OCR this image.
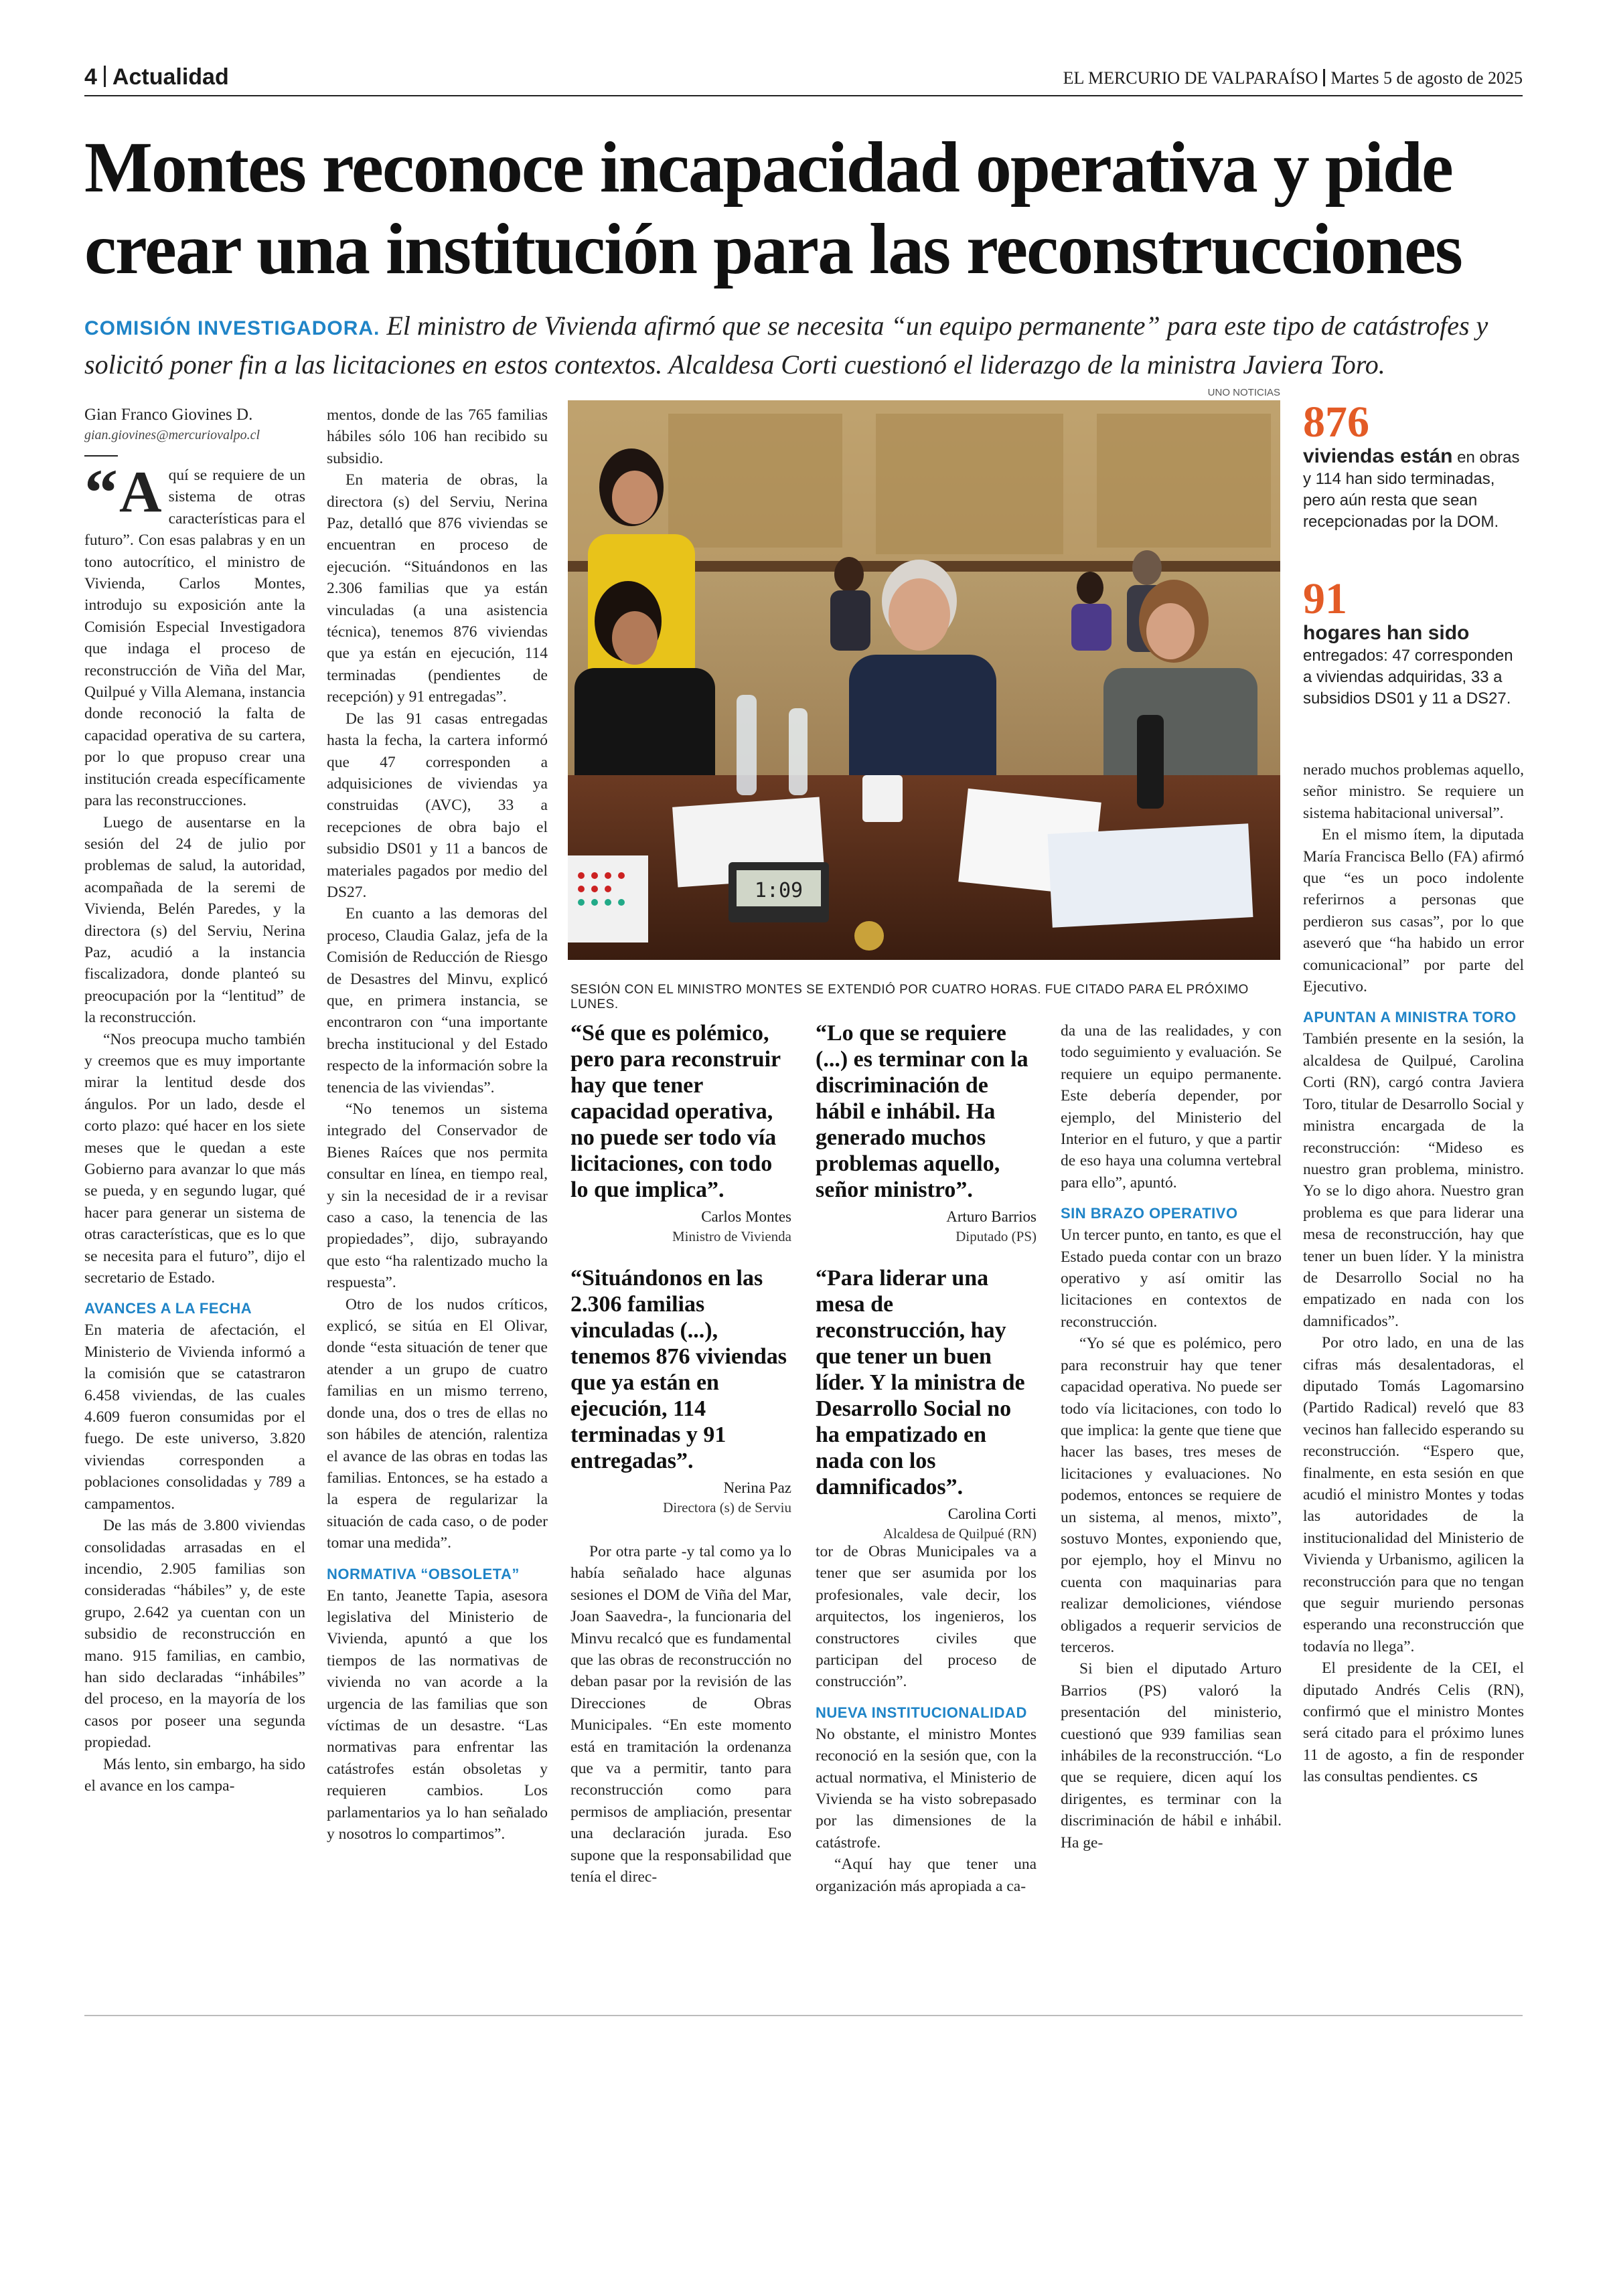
4 Actualidad	EL MERCURIO DE VALPARAÍSO Martes 5 de agosto de 2025
Montes reconoce incapacidad operativa y pide
crear una institución para las reconstrucciones
COMISIÓN INVESTIGADORA. El ministro de Vivienda afirmó que se necesita “un equipo permanente” para este tipo de catástrofes y solicitó poner fin a las licitaciones en estos contextos. Alcaldesa Corti cuestionó el liderazgo de la ministra Javiera Toro.
Gian Franco Giovines D.
gian.giovines@mercuriovalpo.cl

“A quí se requiere de un sistema de otras características para el futuro”. Con esas palabras y en un tono autocrítico, el ministro de Vivienda, Carlos Montes, introdujo su exposición ante la Comisión Especial Investigadora que indaga el proceso de reconstrucción de Viña del Mar, Quilpué y Villa Alemana, instancia donde reconoció la falta de capacidad operativa de su cartera, por lo que propuso crear una institución creada específicamente para las reconstrucciones.

Luego de ausentarse en la sesión del 24 de julio por problemas de salud, la autoridad, acompañada de la seremi de Vivienda, Belén Paredes, y la directora (s) del Serviu, Nerina Paz, acudió a la instancia fiscalizadora, donde planteó su preocupación por la “lentitud” de la reconstrucción.

“Nos preocupa mucho también y creemos que es muy importante mirar la lentitud desde dos ángulos. Por un lado, desde el corto plazo: qué hacer en los siete meses que le quedan a este Gobierno para avanzar lo que más se pueda, y en segundo lugar, qué hacer para generar un sistema de otras características, que es lo que se necesita para el futuro”, dijo el secretario de Estado.

AVANCES A LA FECHA

En materia de afectación, el Ministerio de Vivienda informó a la comisión que se catastraron 6.458 viviendas, de las cuales 4.609 fueron consumidas por el fuego. De este universo, 3.820 viviendas corresponden a poblaciones consolidadas y 789 a campamentos.

De las más de 3.800 viviendas consolidadas arrasadas en el incendio, 2.905 familias son consideradas “hábiles” y, de este grupo, 2.642 ya cuentan con un subsidio de reconstrucción en mano. 915 familias, en cambio, han sido declaradas “inhábiles” del proceso, en la mayoría de los casos por poseer una segunda propiedad.

Más lento, sin embargo, ha sido el avance en los campa-

mentos, donde de las 765 familias hábiles sólo 106 han recibido su subsidio.

En materia de obras, la directora (s) del Serviu, Nerina Paz, detalló que 876 viviendas se encuentran en proceso de ejecución. “Situándonos en las 2.306 familias que ya están vinculadas (a una asistencia técnica), tenemos 876 viviendas que ya están en ejecución, 114 terminadas (pendientes de recepción) y 91 entregadas”.

De las 91 casas entregadas hasta la fecha, la cartera informó que 47 corresponden a adquisiciones de viviendas ya construidas (AVC), 33 a recepciones de obra bajo el subsidio DS01 y 11 a bancos de materiales pagados por medio del DS27.

En cuanto a las demoras del proceso, Claudia Galaz, jefa de la Comisión de Reducción de Riesgo de Desastres del Minvu, explicó que, en primera instancia, se encontraron con “una importante brecha institucional y del Estado respecto de la información sobre la tenencia de las viviendas”.

“No tenemos un sistema integrado del Conservador de Bienes Raíces que nos permita consultar en línea, en tiempo real, y sin la necesidad de ir a revisar caso a caso, la tenencia de las propiedades”, dijo, subrayando que esto “ha ralentizado mucho la respuesta”.

Otro de los nudos críticos, explicó, se sitúa en El Olivar, donde “esta situación de tener que atender a un grupo de cuatro familias en un mismo terreno, donde una, dos o tres de ellas no son hábiles de atención, ralentiza el avance de las obras en todas las familias. Entonces, se ha estado a la espera de regularizar la situación de cada caso, o de poder tomar una medida”.

NORMATIVA “OBSOLETA”

En tanto, Jeanette Tapia, asesora legislativa del Ministerio de Vivienda, apuntó a que los tiempos de las normativas de vivienda no van acorde a la urgencia de las familias que son víctimas de un desastre. “Las normativas para enfrentar las catástrofes están obsoletas y requieren cambios. Los parlamentarios ya lo han señalado y nosotros lo compartimos”.

UNO NOTICIAS
1:09
SESIÓN CON EL MINISTRO MONTES SE EXTENDIÓ POR CUATRO HORAS. FUE CITADO PARA EL PRÓXIMO LUNES.
876
viviendas están en obras y 114 han sido terminadas, pero aún resta que sean recepcionadas por la DOM.
91
hogares han sido entregados: 47 corresponden a viviendas adquiridas, 33 a subsidios DS01 y 11 a DS27.
“Sé que es polémico, pero para reconstruir hay que tener capacidad operativa, no puede ser todo vía licitaciones, con todo lo que implica”.
Carlos Montes
Ministro de Vivienda
“Lo que se requiere (...) es terminar con la discriminación de hábil e inhábil. Ha generado muchos problemas aquello, señor ministro”.
Arturo Barrios
Diputado (PS)
“Situándonos en las 2.306 familias vinculadas (...), tenemos 876 viviendas que ya están en ejecución, 114 terminadas y 91 entregadas”.
Nerina Paz
Directora (s) de Serviu
“Para liderar una mesa de reconstrucción, hay que tener un buen líder. Y la ministra de Desarrollo Social no ha empatizado en nada con los damnificados”.
Carolina Corti
Alcaldesa de Quilpué (RN)

Por otra parte -y tal como ya lo había señalado hace algunas sesiones el DOM de Viña del Mar, Joan Saavedra-, la funcionaria del Minvu recalcó que es fundamental que las obras de reconstrucción no deban pasar por la revisión de las Direcciones de Obras Municipales. “En este momento está en tramitación la ordenanza que va a permitir, tanto para reconstrucción como para permisos de ampliación, presentar una declaración jurada. Eso supone que la responsabilidad que tenía el direc-

tor de Obras Municipales va a tener que ser asumida por los profesionales, vale decir, los arquitectos, los ingenieros, los constructores civiles que participan del proceso de construcción”.

NUEVA INSTITUCIONALIDAD

No obstante, el ministro Montes reconoció en la sesión que, con la actual normativa, el Ministerio de Vivienda se ha visto sobrepasado por las dimensiones de la catástrofe.

“Aquí hay que tener una organización más apropiada a ca-

da una de las realidades, y con todo seguimiento y evaluación. Se requiere un equipo permanente. Este debería depender, por ejemplo, del Ministerio del Interior en el futuro, y que a partir de eso haya una columna vertebral para ello”, apuntó.

SIN BRAZO OPERATIVO

Un tercer punto, en tanto, es que el Estado pueda contar con un brazo operativo y así omitir las licitaciones en contextos de reconstrucción.

“Yo sé que es polémico, pero para reconstruir hay que tener capacidad operativa. No puede ser todo vía licitaciones, con todo lo que implica: la gente que tiene que hacer las bases, tres meses de licitaciones y evaluaciones. No podemos, entonces se requiere de un sistema, al menos, mixto”, sostuvo Montes, exponiendo que, por ejemplo, hoy el Minvu no cuenta con maquinarias para realizar demoliciones, viéndose obligados a requerir servicios de terceros.

Si bien el diputado Arturo Barrios (PS) valoró la presentación del ministerio, cuestionó que 939 familias sean inhábiles de la reconstrucción. “Lo que se requiere, dicen aquí los dirigentes, es terminar con la discriminación de hábil e inhábil. Ha ge-

nerado muchos problemas aquello, señor ministro. Se requiere un sistema habitacional universal”.

En el mismo ítem, la diputada María Francisca Bello (FA) afirmó que “es un poco indolente referirnos a personas que perdieron sus casas”, por lo que aseveró que “ha habido un error comunicacional” por parte del Ejecutivo.

APUNTAN A MINISTRA TORO

También presente en la sesión, la alcaldesa de Quilpué, Carolina Corti (RN), cargó contra Javiera Toro, titular de Desarrollo Social y ministra encargada de la reconstrucción: “Mideso es nuestro gran problema, ministro. Yo se lo digo ahora. Nuestro gran problema es que para liderar una mesa de reconstrucción, hay que tener un buen líder. Y la ministra de Desarrollo Social no ha empatizado en nada con los damnificados”.

Por otro lado, en una de las cifras más desalentadoras, el diputado Tomás Lagomarsino (Partido Radical) reveló que 83 vecinos han fallecido esperando su reconstrucción. “Espero que, finalmente, en esta sesión en que acudió el ministro Montes y todas las autoridades de la institucionalidad del Ministerio de Vivienda y Urbanismo, agilicen la reconstrucción para que no tengan que seguir muriendo personas esperando una reconstrucción que todavía no llega”.

El presidente de la CEI, el diputado Andrés Celis (RN), confirmó que el ministro Montes será citado para el próximo lunes 11 de agosto, a fin de responder las consultas pendientes. cs
